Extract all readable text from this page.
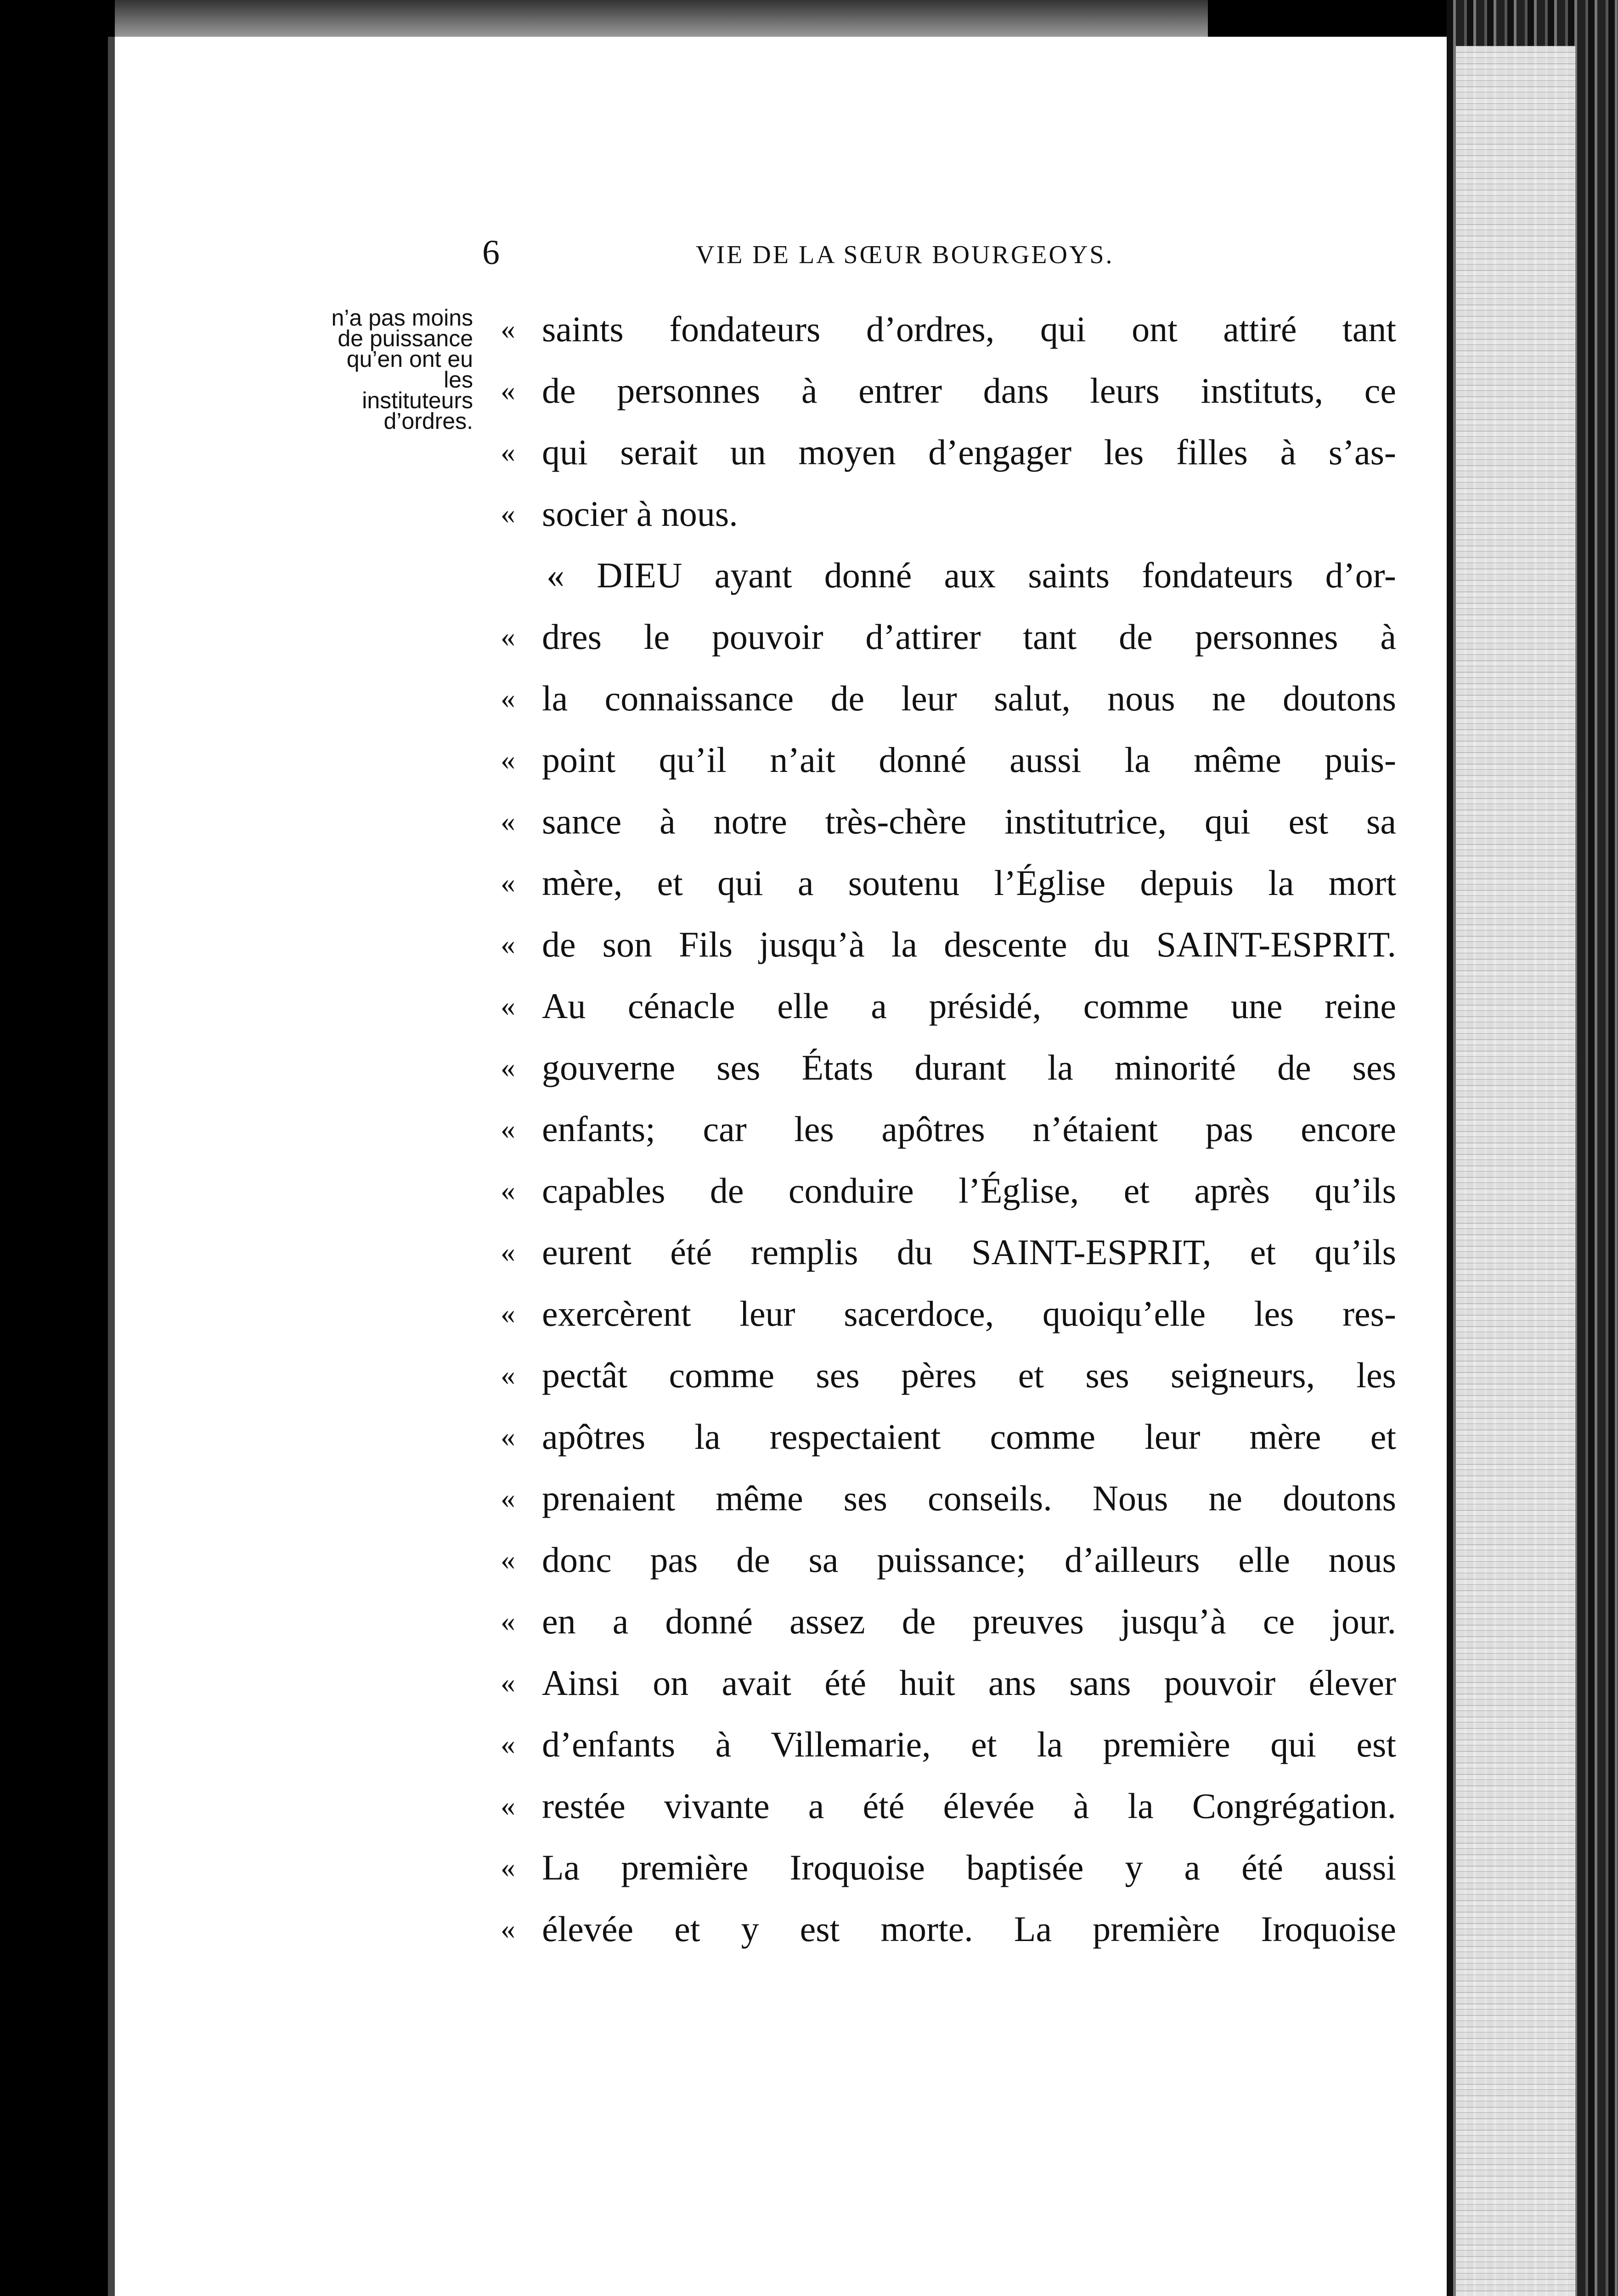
6	VIE DE LA SŒUR BOURGEOYS.
n’a pas moins
de puissance
qu’en ont eu
les
instituteurs
d’ordres.
« saints fondateurs d’ordres, qui ont attiré tant
« de personnes à entrer dans leurs instituts, ce
« qui serait un moyen d’engager les filles à s’as-
« socier à nous.
« DIEU ayant donné aux saints fondateurs d’or-
« dres le pouvoir d’attirer tant de personnes à
« la connaissance de leur salut, nous ne doutons
« point qu’il n’ait donné aussi la même puis-
« sance à notre très-chère institutrice, qui est sa
« mère, et qui a soutenu l’Église depuis la mort
« de son Fils jusqu’à la descente du SAINT-ESPRIT.
« Au cénacle elle a présidé, comme une reine
« gouverne ses États durant la minorité de ses
« enfants; car les apôtres n’étaient pas encore
« capables de conduire l’Église, et après qu’ils
« eurent été remplis du SAINT-ESPRIT, et qu’ils
« exercèrent leur sacerdoce, quoiqu’elle les res-
« pectât comme ses pères et ses seigneurs, les
« apôtres la respectaient comme leur mère et
« prenaient même ses conseils. Nous ne doutons
« donc pas de sa puissance; d’ailleurs elle nous
« en a donné assez de preuves jusqu’à ce jour.
« Ainsi on avait été huit ans sans pouvoir élever
« d’enfants à Villemarie, et la première qui est
« restée vivante a été élevée à la Congrégation.
« La première Iroquoise baptisée y a été aussi
« élevée et y est morte. La première Iroquoise
